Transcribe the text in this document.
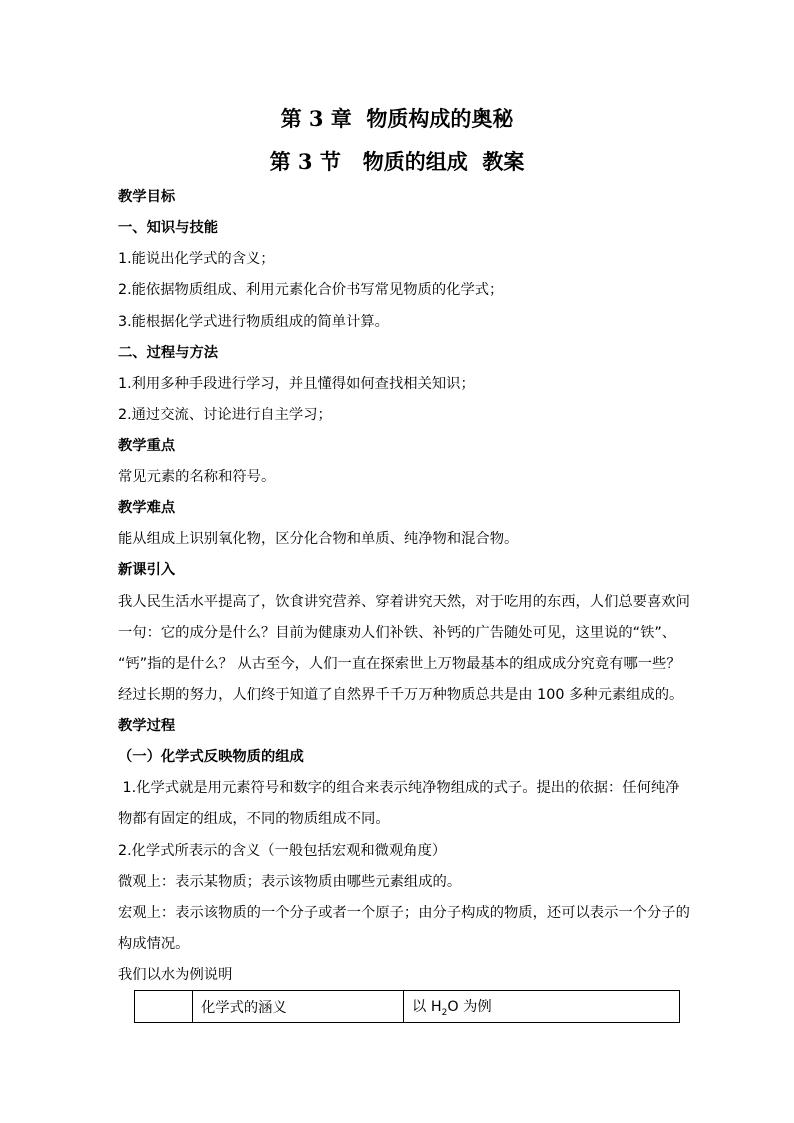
第 3 章  物质构成的奥秘
第 3 节   物质的组成  教案
教学目标
一、知识与技能
1.能说出化学式的含义；
2.能依据物质组成、利用元素化合价书写常见物质的化学式；
3.能根据化学式进行物质组成的简单计算。
二、过程与方法
1.利用多种手段进行学习，并且懂得如何查找相关知识；
2.通过交流、讨论进行自主学习；
教学重点
常见元素的名称和符号。
教学难点
能从组成上识别氧化物，区分化合物和单质、纯净物和混合物。
新课引入
我人民生活水平提高了，饮食讲究营养、穿着讲究天然，对于吃用的东西，人们总要喜欢问
一句：它的成分是什么？目前为健康劝人们补铁、补钙的广告随处可见，这里说的“铁”、
“钙”指的是什么？ 从古至今，人们一直在探索世上万物最基本的组成成分究竟有哪一些？
经过长期的努力，人们终于知道了自然界千千万万种物质总共是由 100 多种元素组成的。
教学过程
（一）化学式反映物质的组成
1.化学式就是用元素符号和数字的组合来表示纯净物组成的式子。提出的依据：任何纯净
物都有固定的组成，不同的物质组成不同。
2.化学式所表示的含义（一般包括宏观和微观角度）
微观上：表示某物质；表示该物质由哪些元素组成的。
宏观上：表示该物质的一个分子或者一个原子；由分子构成的物质，还可以表示一个分子的
构成情况。
我们以水为例说明
	化学式的涵义	以 $H_2O$ 为例
